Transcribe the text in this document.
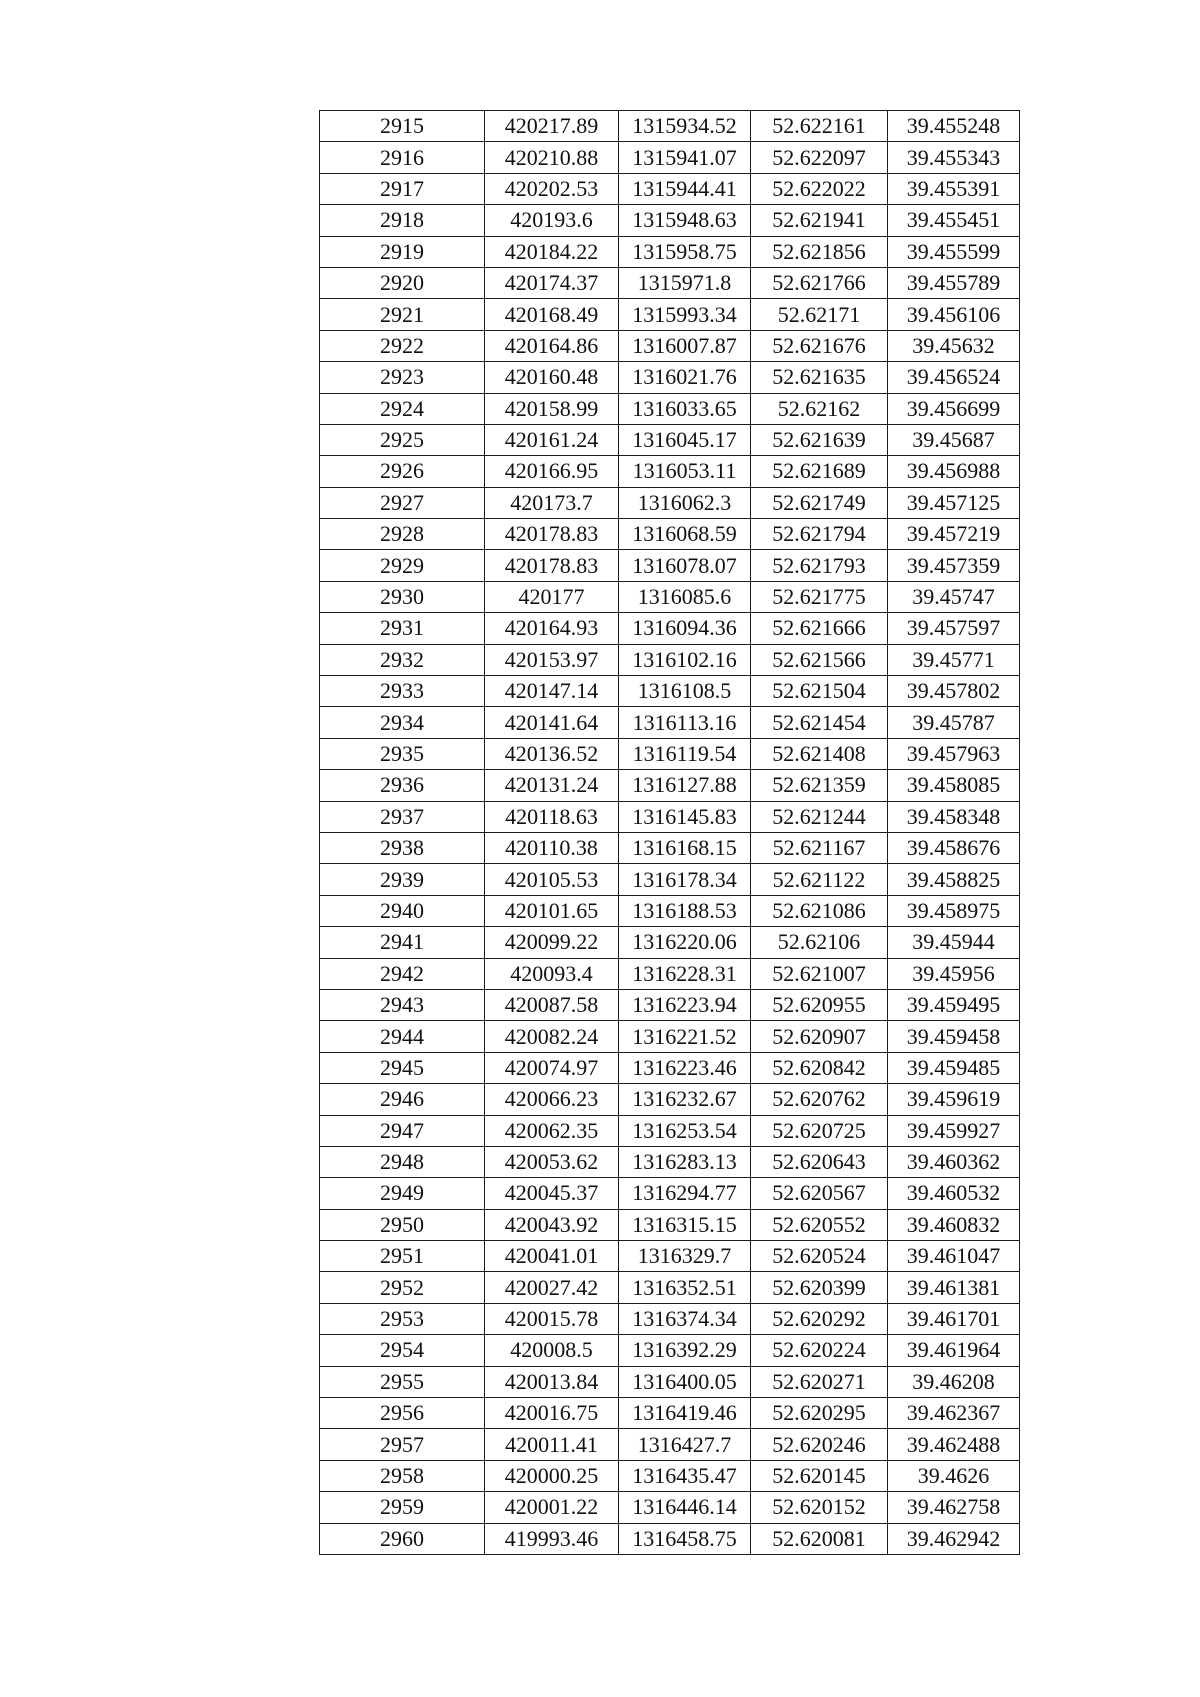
2915	420217.89	1315934.52	52.622161	39.455248
2916	420210.88	1315941.07	52.622097	39.455343
2917	420202.53	1315944.41	52.622022	39.455391
2918	420193.6	1315948.63	52.621941	39.455451
2919	420184.22	1315958.75	52.621856	39.455599
2920	420174.37	1315971.8	52.621766	39.455789
2921	420168.49	1315993.34	52.62171	39.456106
2922	420164.86	1316007.87	52.621676	39.45632
2923	420160.48	1316021.76	52.621635	39.456524
2924	420158.99	1316033.65	52.62162	39.456699
2925	420161.24	1316045.17	52.621639	39.45687
2926	420166.95	1316053.11	52.621689	39.456988
2927	420173.7	1316062.3	52.621749	39.457125
2928	420178.83	1316068.59	52.621794	39.457219
2929	420178.83	1316078.07	52.621793	39.457359
2930	420177	1316085.6	52.621775	39.45747
2931	420164.93	1316094.36	52.621666	39.457597
2932	420153.97	1316102.16	52.621566	39.45771
2933	420147.14	1316108.5	52.621504	39.457802
2934	420141.64	1316113.16	52.621454	39.45787
2935	420136.52	1316119.54	52.621408	39.457963
2936	420131.24	1316127.88	52.621359	39.458085
2937	420118.63	1316145.83	52.621244	39.458348
2938	420110.38	1316168.15	52.621167	39.458676
2939	420105.53	1316178.34	52.621122	39.458825
2940	420101.65	1316188.53	52.621086	39.458975
2941	420099.22	1316220.06	52.62106	39.45944
2942	420093.4	1316228.31	52.621007	39.45956
2943	420087.58	1316223.94	52.620955	39.459495
2944	420082.24	1316221.52	52.620907	39.459458
2945	420074.97	1316223.46	52.620842	39.459485
2946	420066.23	1316232.67	52.620762	39.459619
2947	420062.35	1316253.54	52.620725	39.459927
2948	420053.62	1316283.13	52.620643	39.460362
2949	420045.37	1316294.77	52.620567	39.460532
2950	420043.92	1316315.15	52.620552	39.460832
2951	420041.01	1316329.7	52.620524	39.461047
2952	420027.42	1316352.51	52.620399	39.461381
2953	420015.78	1316374.34	52.620292	39.461701
2954	420008.5	1316392.29	52.620224	39.461964
2955	420013.84	1316400.05	52.620271	39.46208
2956	420016.75	1316419.46	52.620295	39.462367
2957	420011.41	1316427.7	52.620246	39.462488
2958	420000.25	1316435.47	52.620145	39.4626
2959	420001.22	1316446.14	52.620152	39.462758
2960	419993.46	1316458.75	52.620081	39.462942
